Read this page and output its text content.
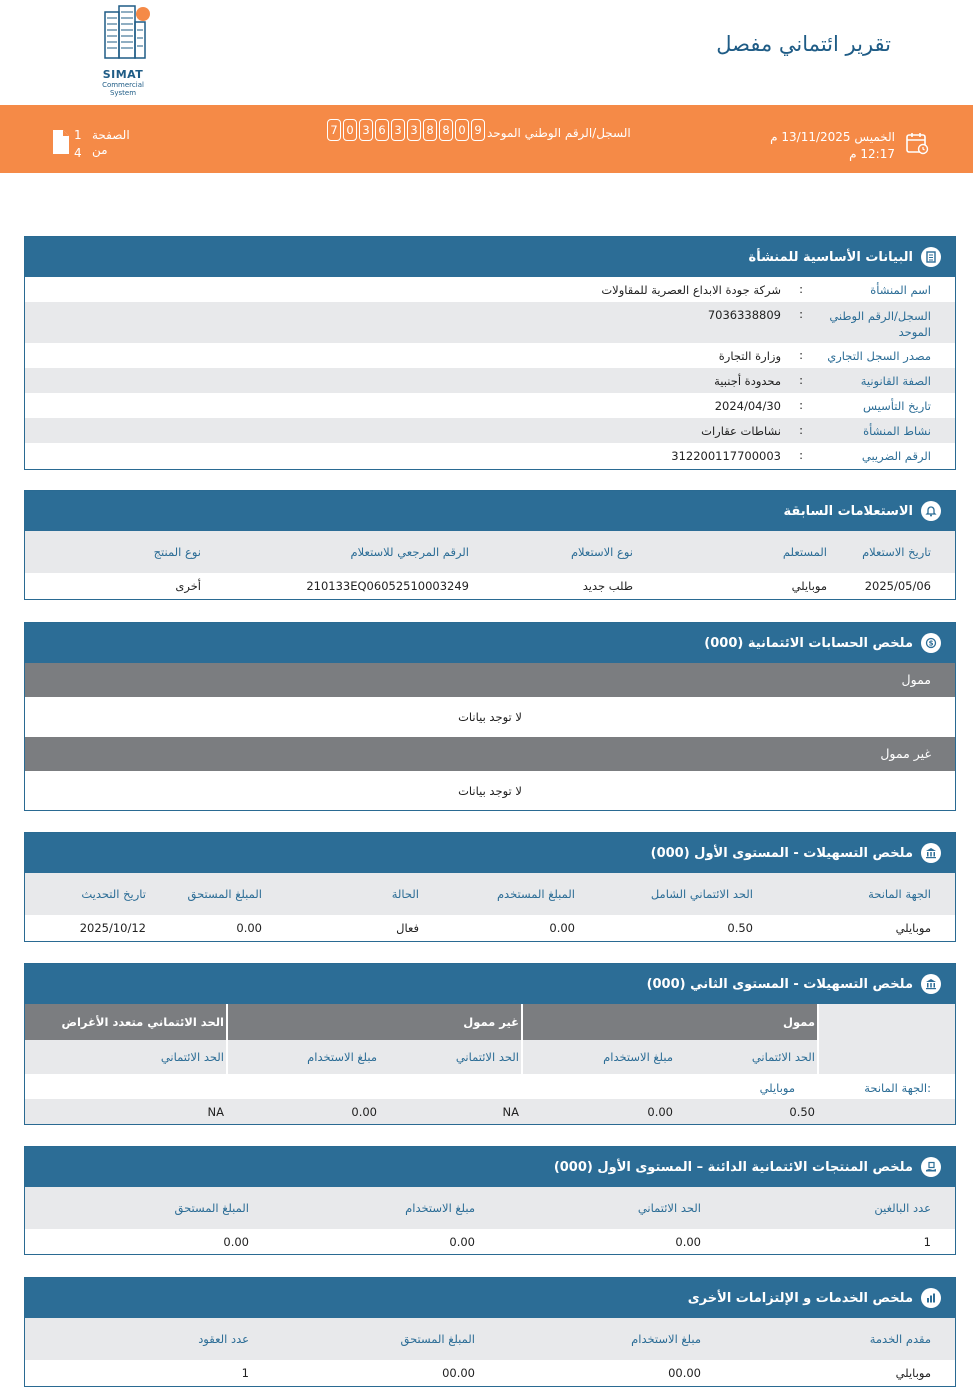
SIMAT
Commercial System
تقرير ائتماني مفصل
الخميس 13/11/2025 م
12:17 م
السجل/الرقم الوطني الموحد
7 0 3 6 3 3 8 8 0 9
1
4
الصفحة
من
البيانات الأساسية للمنشأة
اسم المنشأة
:
شركة جودة الابداع العصرية للمقاولات
السجل/الرقم الوطني الموحد
:
7036338809
مصدر السجل التجاري
:
وزارة التجارة
الصفة القانونية
:
محدودة أجنبية
تاريخ التأسيس
:
2024/04/30
نشاط المنشأة
:
نشاطات عقارات
الرقم الضريبي
:
312200117700003
الاستعلامات السابقة
تاريخ الاستعلام
المستعلم
نوع الاستعلام
الرقم المرجعي للاستعلام
نوع المنتج
2025/05/06
موبايلي
طلب جديد
210133EQ06052510003249
أخرى
$
ملخص الحسابات الائتمانية (000)
ممول
لا توجد بيانات
غير ممول
لا توجد بيانات
ملخص التسهيلات - المستوى الأول (000)
الجهة المانحة
الحد الائتماني الشامل
المبلغ المستخدم
الحالة
المبلغ المستحق
تاريخ التحديث
موبايلي
0.50
0.00
فعال
0.00
2025/10/12
ملخص التسهيلات - المستوى الثاني (000)
ممول
غير ممول
الحد الائتماني متعدد الأغراض
الحد الائتماني
مبلغ الاستخدام
الحد الائتماني
مبلغ الاستخدام
الحد الائتماني
الجهة المانحة:
موبايلي
0.50
0.00
NA
0.00
NA
ملخص المنتجات الائتمانية الدائنة – المستوى الأول (000)
عدد البالغين
الحد الائتماني
مبلغ الاستخدام
المبلغ المستحق
1
0.00
0.00
0.00
ملخص الخدمات و الإلتزامات الأخرى
مقدم الخدمة
مبلغ الاستخدام
المبلغ المستحق
عدد العقود
موبايلي
00.00
00.00
1
